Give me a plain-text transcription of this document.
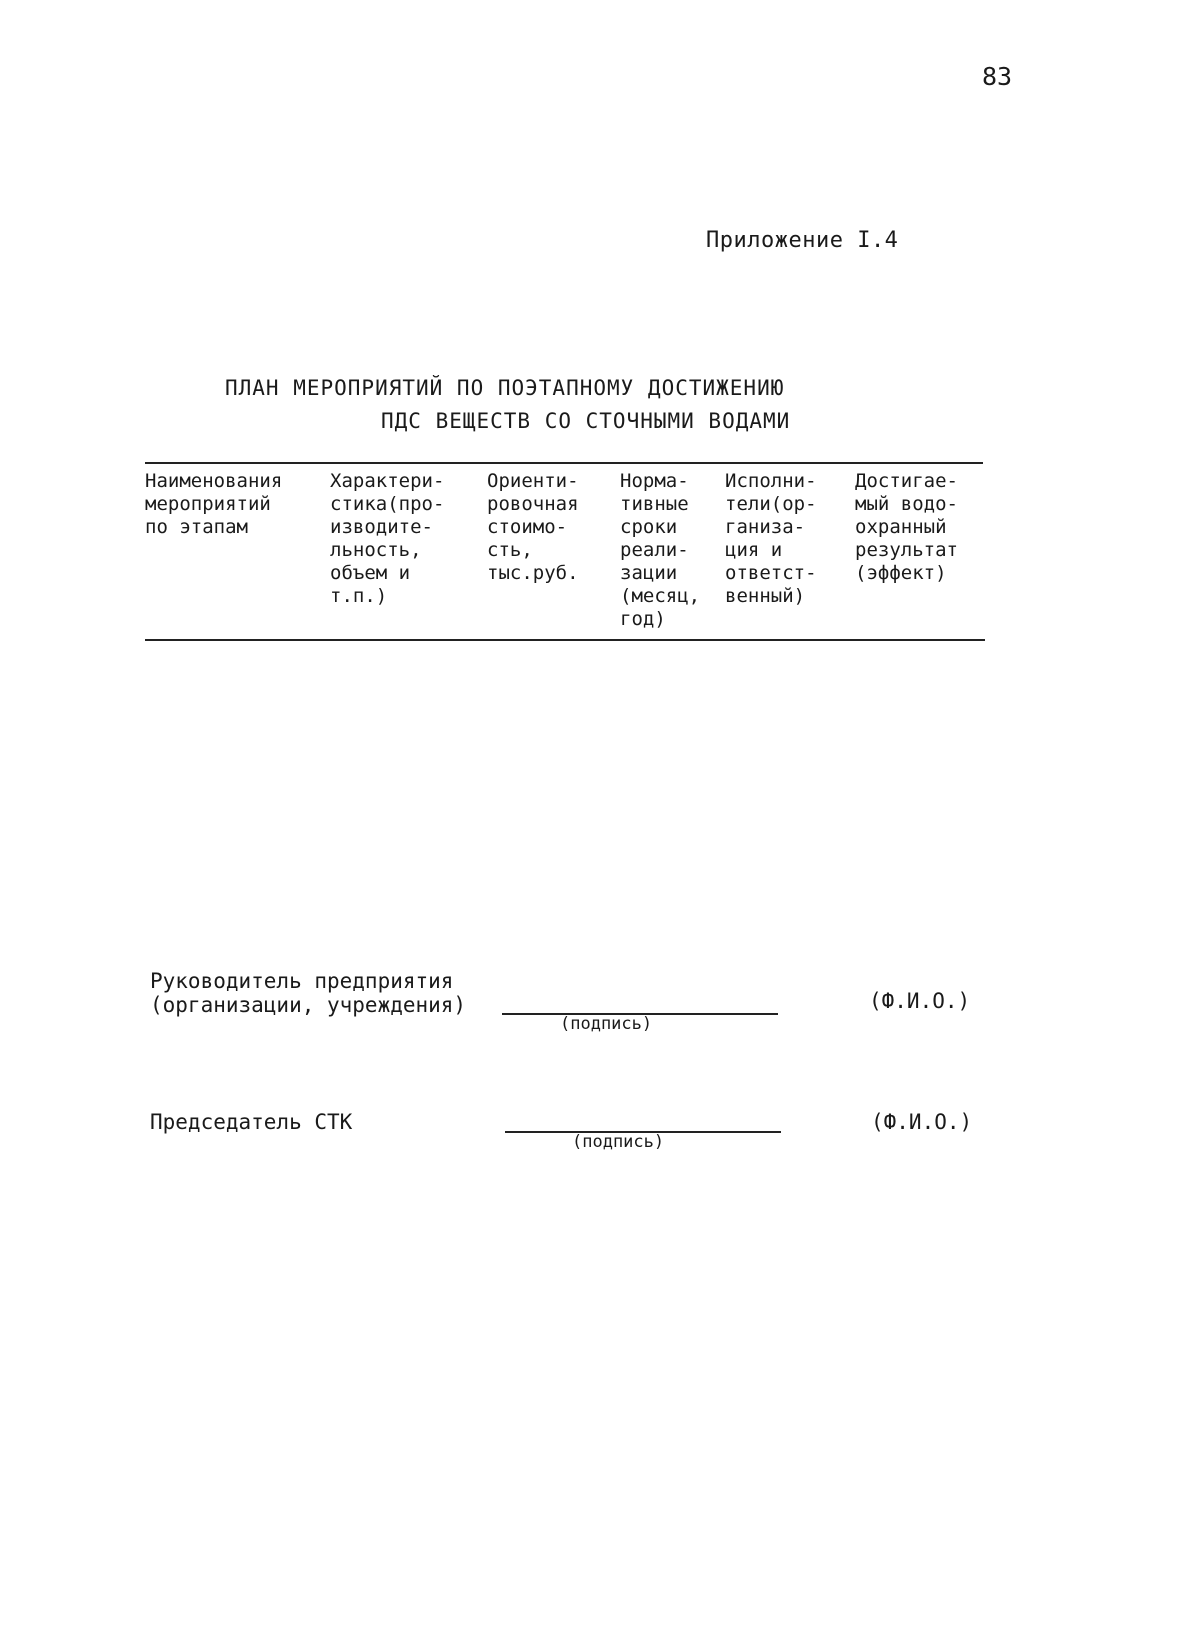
83
Приложение I.4
ПЛАН МЕРОПРИЯТИЙ ПО ПОЭТАПНОМУ ДОСТИЖЕНИЮ
ПДС ВЕЩЕСТВ СО СТОЧНЫМИ ВОДАМИ
Наименования
мероприятий
по этапам
Характери-
стика(про-
изводите-
льность,
объем и
т.п.)
Ориенти-
ровочная
стоимо-
сть,
тыс.руб.
Норма-
тивные
сроки
реали-
зации
(месяц,
год)
Исполни-
тели(ор-
ганиза-
ция и
ответст-
венный)
Достигае-
мый водо-
охранный
результат
(эффект)
Руководитель предприятия
(организации, учреждения)
(подпись)
(Ф.И.О.)
Председатель СТК
(подпись)
(Ф.И.О.)
